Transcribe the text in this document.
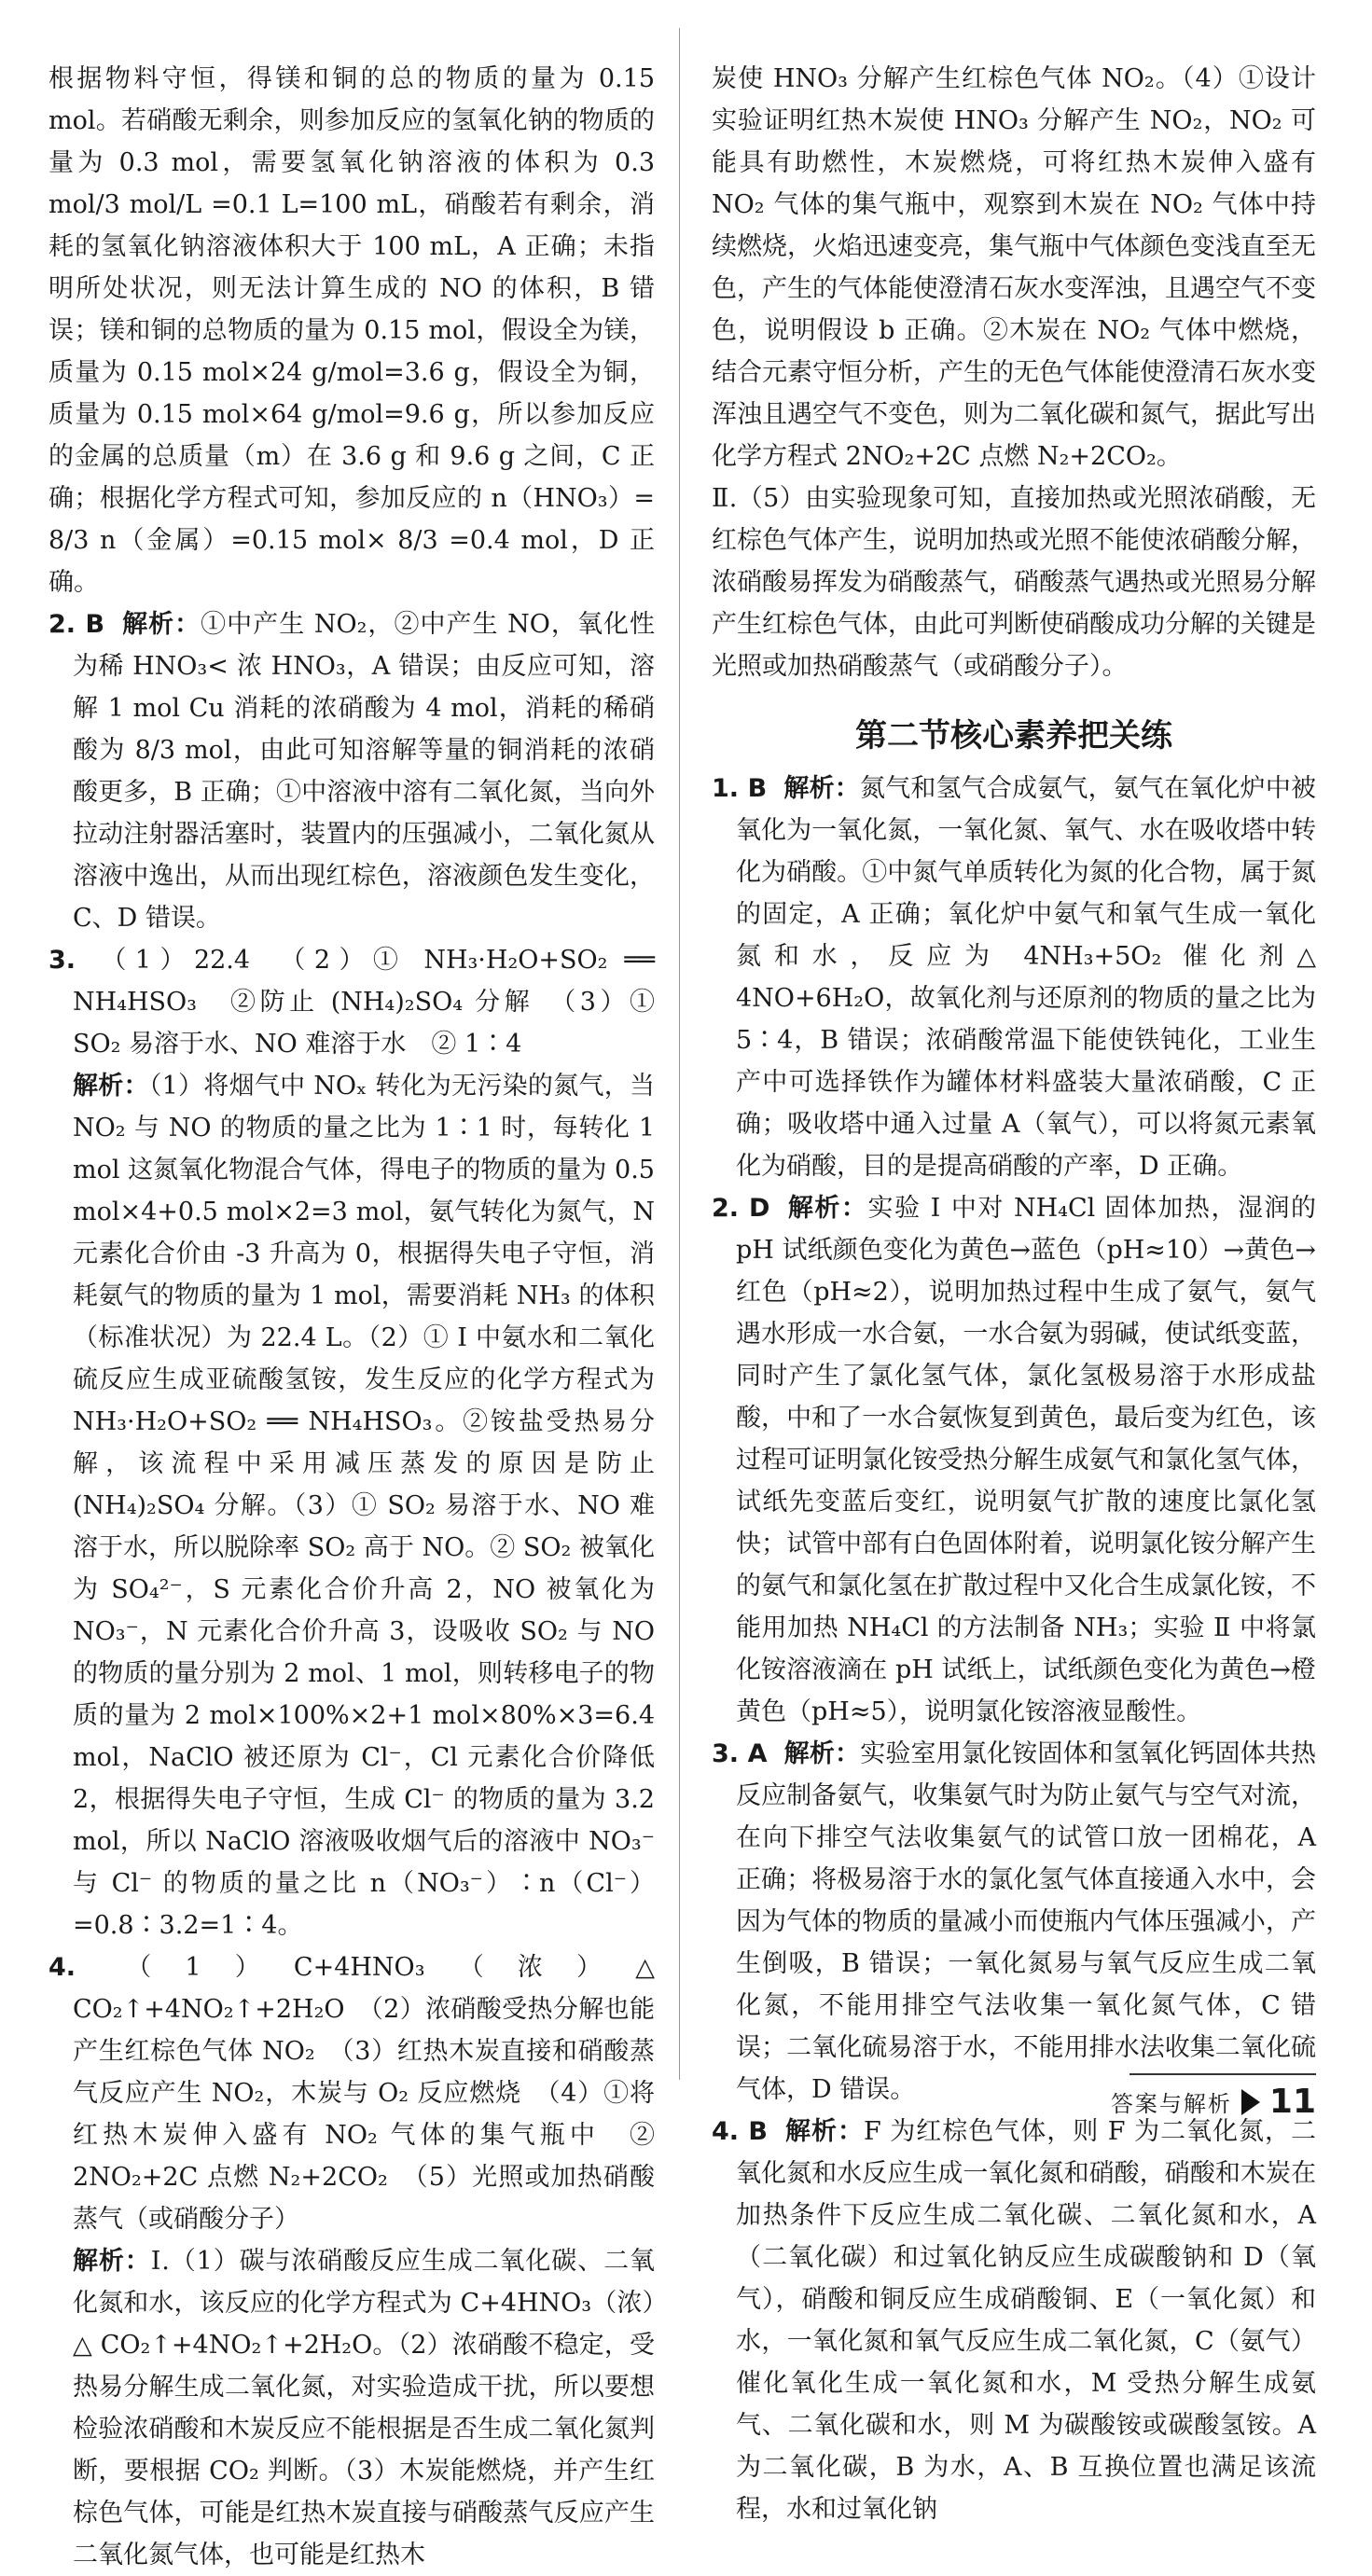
根据物料守恒，得镁和铜的总的物质的量为 0.15 mol。若硝酸无剩余，则参加反应的氢氧化钠的物质的量为 0.3 mol，需要氢氧化钠溶液的体积为 0.3 mol/3 mol/L =0.1 L=100 mL，硝酸若有剩余，消耗的氢氧化钠溶液体积大于 100 mL，A 正确；未指明所处状况，则无法计算生成的 NO 的体积，B 错误；镁和铜的总物质的量为 0.15 mol，假设全为镁，质量为 0.15 mol×24 g/mol=3.6 g，假设全为铜，质量为 0.15 mol×64 g/mol=9.6 g，所以参加反应的金属的总质量（m）在 3.6 g 和 9.6 g 之间，C 正确；根据化学方程式可知，参加反应的 n（HNO₃）= 8/3 n（金属）=0.15 mol× 8/3 =0.4 mol，D 正确。

2. B 解析：①中产生 NO₂，②中产生 NO，氧化性为稀 HNO₃< 浓 HNO₃，A 错误；由反应可知，溶解 1 mol Cu 消耗的浓硝酸为 4 mol，消耗的稀硝酸为 8/3 mol，由此可知溶解等量的铜消耗的浓硝酸更多，B 正确；①中溶液中溶有二氧化氮，当向外拉动注射器活塞时，装置内的压强减小，二氧化氮从溶液中逸出，从而出现红棕色，溶液颜色发生变化，C、D 错误。

3. （1）22.4　（2）① NH₃·H₂O+SO₂ ══ NH₄HSO₃　②防止 (NH₄)₂SO₄ 分解　（3）① SO₂ 易溶于水、NO 难溶于水　② 1∶4

解析：（1）将烟气中 NOₓ 转化为无污染的氮气，当 NO₂ 与 NO 的物质的量之比为 1∶1 时，每转化 1 mol 这氮氧化物混合气体，得电子的物质的量为 0.5 mol×4+0.5 mol×2=3 mol，氨气转化为氮气，N 元素化合价由 -3 升高为 0，根据得失电子守恒，消耗氨气的物质的量为 1 mol，需要消耗 NH₃ 的体积（标准状况）为 22.4 L。（2）① I 中氨水和二氧化硫反应生成亚硫酸氢铵，发生反应的化学方程式为 NH₃·H₂O+SO₂ ══ NH₄HSO₃。②铵盐受热易分解，该流程中采用减压蒸发的原因是防止 (NH₄)₂SO₄ 分解。（3）① SO₂ 易溶于水、NO 难溶于水，所以脱除率 SO₂ 高于 NO。② SO₂ 被氧化为 SO₄²⁻，S 元素化合价升高 2，NO 被氧化为 NO₃⁻，N 元素化合价升高 3，设吸收 SO₂ 与 NO 的物质的量分别为 2 mol、1 mol，则转移电子的物质的量为 2 mol×100%×2+1 mol×80%×3=6.4 mol，NaClO 被还原为 Cl⁻，Cl 元素化合价降低 2，根据得失电子守恒，生成 Cl⁻ 的物质的量为 3.2 mol，所以 NaClO 溶液吸收烟气后的溶液中 NO₃⁻ 与 Cl⁻ 的物质的量之比 n（NO₃⁻）∶n（Cl⁻）=0.8∶3.2=1∶4。

4. （1）C+4HNO₃（浓）△ CO₂↑+4NO₂↑+2H₂O　（2）浓硝酸受热分解也能产生红棕色气体 NO₂　（3）红热木炭直接和硝酸蒸气反应产生 NO₂，木炭与 O₂ 反应燃烧　（4）①将红热木炭伸入盛有 NO₂ 气体的集气瓶中　② 2NO₂+2C 点燃 N₂+2CO₂　（5）光照或加热硝酸蒸气（或硝酸分子）

解析：Ⅰ.（1）碳与浓硝酸反应生成二氧化碳、二氧化氮和水，该反应的化学方程式为 C+4HNO₃（浓）△ CO₂↑+4NO₂↑+2H₂O。（2）浓硝酸不稳定，受热易分解生成二氧化氮，对实验造成干扰，所以要想检验浓硝酸和木炭反应不能根据是否生成二氧化氮判断，要根据 CO₂ 判断。（3）木炭能燃烧，并产生红棕色气体，可能是红热木炭直接与硝酸蒸气反应产生二氧化氮气体，也可能是红热木

炭使 HNO₃ 分解产生红棕色气体 NO₂。（4）①设计实验证明红热木炭使 HNO₃ 分解产生 NO₂，NO₂ 可能具有助燃性，木炭燃烧，可将红热木炭伸入盛有 NO₂ 气体的集气瓶中，观察到木炭在 NO₂ 气体中持续燃烧，火焰迅速变亮，集气瓶中气体颜色变浅直至无色，产生的气体能使澄清石灰水变浑浊，且遇空气不变色，说明假设 b 正确。②木炭在 NO₂ 气体中燃烧，结合元素守恒分析，产生的无色气体能使澄清石灰水变浑浊且遇空气不变色，则为二氧化碳和氮气，据此写出化学方程式 2NO₂+2C 点燃 N₂+2CO₂。

Ⅱ.（5）由实验现象可知，直接加热或光照浓硝酸，无红棕色气体产生，说明加热或光照不能使浓硝酸分解，浓硝酸易挥发为硝酸蒸气，硝酸蒸气遇热或光照易分解产生红棕色气体，由此可判断使硝酸成功分解的关键是光照或加热硝酸蒸气（或硝酸分子）。

第二节核心素养把关练

1. B 解析：氮气和氢气合成氨气，氨气在氧化炉中被氧化为一氧化氮，一氧化氮、氧气、水在吸收塔中转化为硝酸。①中氮气单质转化为氮的化合物，属于氮的固定，A 正确；氧化炉中氨气和氧气生成一氧化氮和水，反应为 4NH₃+5O₂ 催化剂△ 4NO+6H₂O，故氧化剂与还原剂的物质的量之比为 5∶4，B 错误；浓硝酸常温下能使铁钝化，工业生产中可选择铁作为罐体材料盛装大量浓硝酸，C 正确；吸收塔中通入过量 A（氧气），可以将氮元素氧化为硝酸，目的是提高硝酸的产率，D 正确。

2. D 解析：实验 Ⅰ 中对 NH₄Cl 固体加热，湿润的 pH 试纸颜色变化为黄色→蓝色（pH≈10）→黄色→红色（pH≈2），说明加热过程中生成了氨气，氨气遇水形成一水合氨，一水合氨为弱碱，使试纸变蓝，同时产生了氯化氢气体，氯化氢极易溶于水形成盐酸，中和了一水合氨恢复到黄色，最后变为红色，该过程可证明氯化铵受热分解生成氨气和氯化氢气体，试纸先变蓝后变红，说明氨气扩散的速度比氯化氢快；试管中部有白色固体附着，说明氯化铵分解产生的氨气和氯化氢在扩散过程中又化合生成氯化铵，不能用加热 NH₄Cl 的方法制备 NH₃；实验 Ⅱ 中将氯化铵溶液滴在 pH 试纸上，试纸颜色变化为黄色→橙黄色（pH≈5），说明氯化铵溶液显酸性。

3. A 解析：实验室用氯化铵固体和氢氧化钙固体共热反应制备氨气，收集氨气时为防止氨气与空气对流，在向下排空气法收集氨气的试管口放一团棉花，A 正确；将极易溶于水的氯化氢气体直接通入水中，会因为气体的物质的量减小而使瓶内气体压强减小，产生倒吸，B 错误；一氧化氮易与氧气反应生成二氧化氮，不能用排空气法收集一氧化氮气体，C 错误；二氧化硫易溶于水，不能用排水法收集二氧化硫气体，D 错误。

4. B 解析：F 为红棕色气体，则 F 为二氧化氮，二氧化氮和水反应生成一氧化氮和硝酸，硝酸和木炭在加热条件下反应生成二氧化碳、二氧化氮和水，A（二氧化碳）和过氧化钠反应生成碳酸钠和 D（氧气），硝酸和铜反应生成硝酸铜、E（一氧化氮）和水，一氧化氮和氧气反应生成二氧化氮，C（氨气）催化氧化生成一氧化氮和水，M 受热分解生成氨气、二氧化碳和水，则 M 为碳酸铵或碳酸氢铵。A 为二氧化碳，B 为水，A、B 互换位置也满足该流程，水和过氧化钠

答案与解析 11
